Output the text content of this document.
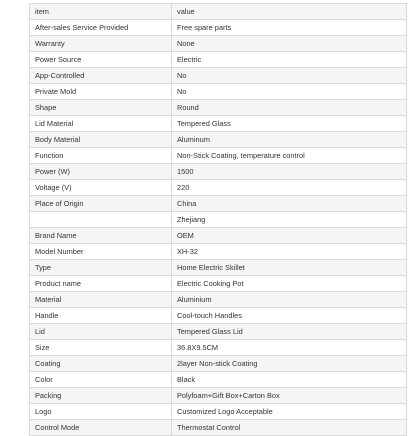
item	value
After-sales Service Provided	Free spare parts
Warranty	None
Power Source	Electric
App-Controlled	No
Private Mold	No
Shape	Round
Lid Material	Tempered Glass
Body Material	Aluminum
Function	Non-Stick Coating, temperature control
Power (W)	1500
Voltage (V)	220
Place of Origin	China
	Zhejiang
Brand Name	OEM
Model Number	XH-32
Type	Home Electric Skillet
Product name	Electric Cooking Pot
Material	Aluminium
Handle	Cool-touch Handles
Lid	Tempered Glass Lid
Size	36.8X9.5CM
Coating	2layer Non-stick Coating
Color	Black
Packing	Polyfoam+Gift Box+Carton Box
Logo	Customized Logo Acceptable
Control Mode	Thermostat Control
